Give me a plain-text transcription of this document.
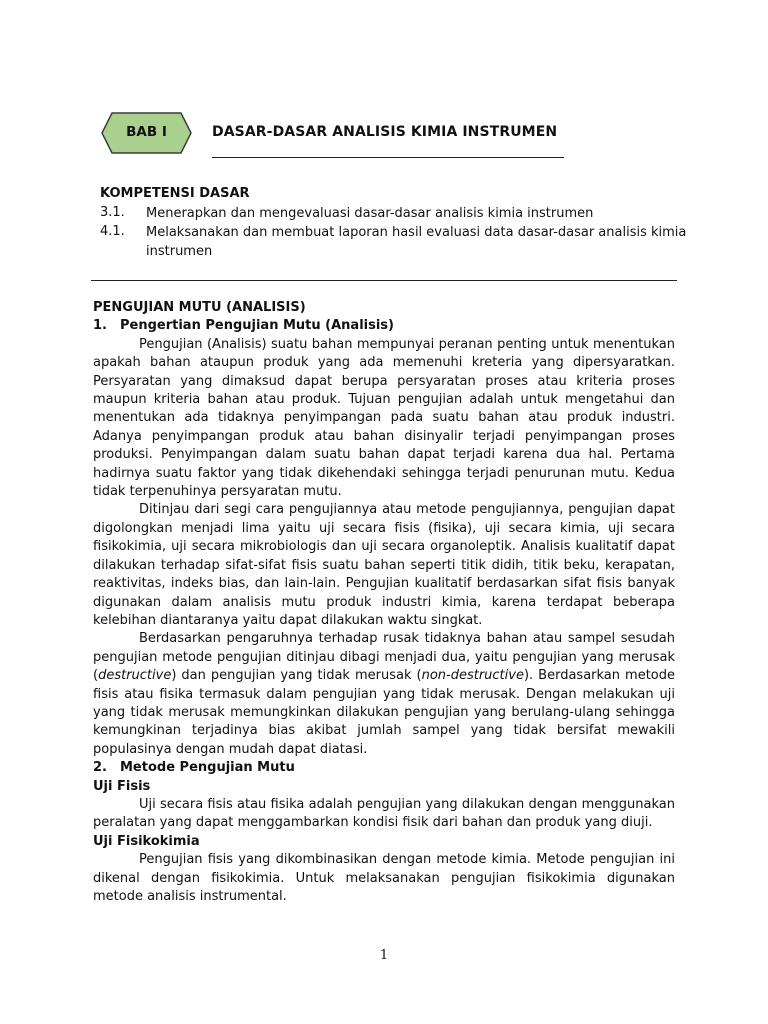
BAB I	DASAR-DASAR ANALISIS KIMIA INSTRUMEN
KOMPETENSI DASAR
3.1. Menerapkan dan mengevaluasi dasar-dasar analisis kimia instrumen
4.1. Melaksanakan dan membuat laporan hasil evaluasi data dasar-dasar analisis kimia
instrumen

PENGUJIAN MUTU (ANALISIS)

1. Pengertian Pengujian Mutu (Analisis)

Pengujian (Analisis) suatu bahan mempunyai peranan penting untuk menentukan apakah bahan ataupun produk yang ada memenuhi kreteria yang dipersyaratkan. Persyaratan yang dimaksud dapat berupa persyaratan proses atau kriteria proses maupun kriteria bahan atau produk. Tujuan pengujian adalah untuk mengetahui dan menentukan ada tidaknya penyimpangan pada suatu bahan atau produk industri. Adanya penyimpangan produk atau bahan disinyalir terjadi penyimpangan proses produksi. Penyimpangan dalam suatu bahan dapat terjadi karena dua hal. Pertama hadirnya suatu faktor yang tidak dikehendaki sehingga terjadi penurunan mutu. Kedua tidak terpenuhinya persyaratan mutu.

Ditinjau dari segi cara pengujiannya atau metode pengujiannya, pengujian dapat digolongkan menjadi lima yaitu uji secara fisis (fisika), uji secara kimia, uji secara fisikokimia, uji secara mikrobiologis dan uji secara organoleptik. Analisis kualitatif dapat dilakukan terhadap sifat-sifat fisis suatu bahan seperti titik didih, titik beku, kerapatan, reaktivitas, indeks bias, dan lain-lain. Pengujian kualitatif berdasarkan sifat fisis banyak digunakan dalam analisis mutu produk industri kimia, karena terdapat beberapa kelebihan diantaranya yaitu dapat dilakukan waktu singkat.

Berdasarkan pengaruhnya terhadap rusak tidaknya bahan atau sampel sesudah pengujian metode pengujian ditinjau dibagi menjadi dua, yaitu pengujian yang merusak (destructive) dan pengujian yang tidak merusak (non-destructive). Berdasarkan metode fisis atau fisika termasuk dalam pengujian yang tidak merusak. Dengan melakukan uji yang tidak merusak memungkinkan dilakukan pengujian yang berulang-ulang sehingga kemungkinan terjadinya bias akibat jumlah sampel yang tidak bersifat mewakili populasinya dengan mudah dapat diatasi.

2. Metode Pengujian Mutu

Uji Fisis

Uji secara fisis atau fisika adalah pengujian yang dilakukan dengan menggunakan peralatan yang dapat menggambarkan kondisi fisik dari bahan dan produk yang diuji.

Uji Fisikokimia

Pengujian fisis yang dikombinasikan dengan metode kimia. Metode pengujian ini dikenal dengan fisikokimia. Untuk melaksanakan pengujian fisikokimia digunakan metode analisis instrumental.

1
